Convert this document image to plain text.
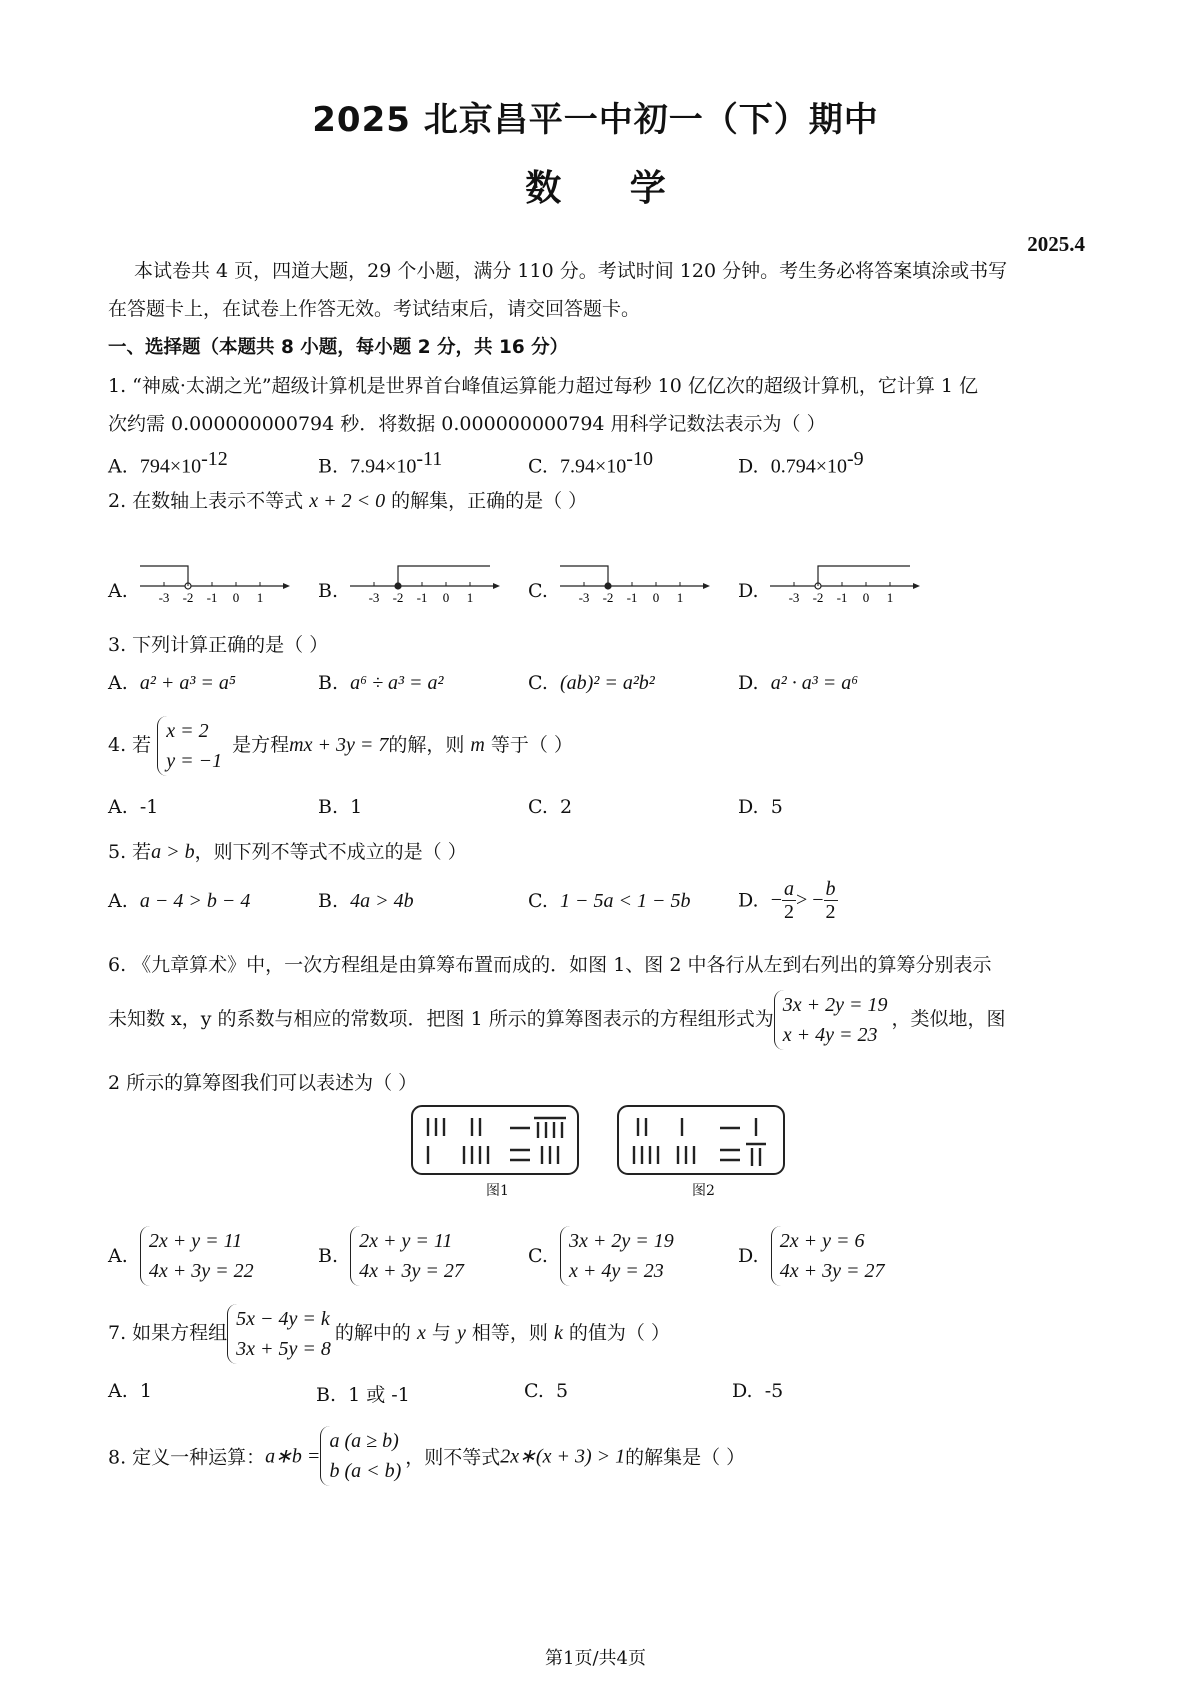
2025 北京昌平一中初一（下）期中
数 学
2025.4
本试卷共 4 页，四道大题，29 个小题，满分 110 分。考试时间 120 分钟。考生务必将答案填涂或书写
在答题卡上，在试卷上作答无效。考试结束后，请交回答题卡。
一、选择题（本题共 8 小题，每小题 2 分，共 16 分）
1. “神威·太湖之光”超级计算机是世界首台峰值运算能力超过每秒 10 亿亿次的超级计算机，它计算 1 亿
次约需 0.000000000794 秒．将数据 0.000000000794 用科学记数法表示为（ ）
A. $794\times 10^{-12}$	B. $7.94\times 10^{-11}$	C. $7.94\times 10^{-10}$	D. $0.794\times 10^{-9}$
2. 在数轴上表示不等式 x + 2 < 0 的解集，正确的是（ ）
A.	B.	C.	D.
-3 -2 -1 0 1	-3 -2 -1 0 1	-3 -2 -1 0 1	-3 -2 -1 0 1
3. 下列计算正确的是（ ）
A. a² + a³ = a⁵	B. a⁶ ÷ a³ = a²	C. (ab)² = a²b²	D. a² · a³ = a⁶
4. 若 x = 2
y = −1 是方程mx + 3y = 7的解，则 m 等于（ ）
A. -1	B. 1	C. 2	D. 5
5. 若a > b，则下列不等式不成立的是（ ）
A. a − 4 > b − 4	B. 4a > 4b	C. 1 − 5a < 1 − 5b	D. − $\frac{a}{2}$ > − $\frac{b}{2}$
6. 《九章算术》中，一次方程组是由算筹布置而成的．如图 1、图 2 中各行从左到右列出的算筹分别表示
未知数 x，y 的系数与相应的常数项．把图 1 所示的算筹图表示的方程组形式为3x + 2y = 19
x + 4y = 23，类似地，图
2 所示的算筹图我们可以表述为（ ）
图1	图2
A.  2x + y = 11
4x + 3y = 22
B.  2x + y = 11
4x + 3y = 27
C.  3x + 2y = 19
x + 4y = 23
D.  2x + y = 6
4x + 3y = 27
7. 如果方程组5x − 4y = k
3x + 5y = 8的解中的 x 与 y 相等，则 k 的值为（ ）
A. 1	B. 1 或 -1	C. 5	D. -5
8. 定义一种运算：a∗b =a (a ≥ b)
b (a < b)，则不等式2x∗(x + 3) > 1的解集是（ ）
第1页/共4页
